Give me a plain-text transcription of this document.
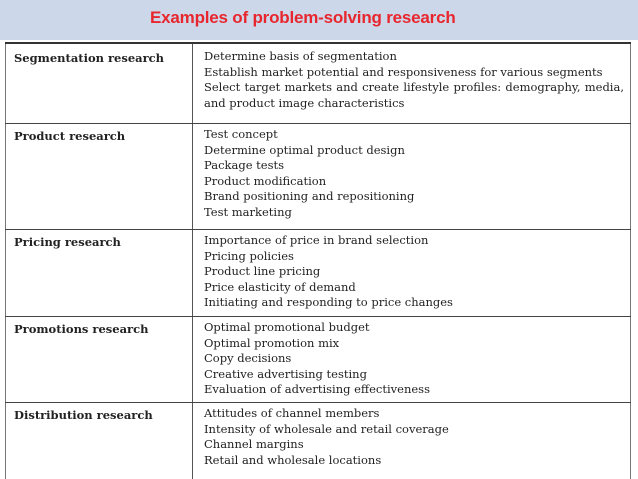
Examples of problem-solving research
Segmentation research	Determine basis of segmentation
Establish market potential and responsiveness for various segments
Select target markets and create lifestyle profiles: demography, media, and product image characteristics
Product research	Test concept
Determine optimal product design
Package tests
Product modification
Brand positioning and repositioning
Test marketing
Pricing research	Importance of price in brand selection
Pricing policies
Product line pricing
Price elasticity of demand
Initiating and responding to price changes
Promotions research	Optimal promotional budget
Optimal promotion mix
Copy decisions
Creative advertising testing
Evaluation of advertising effectiveness
Distribution research	Attitudes of channel members
Intensity of wholesale and retail coverage
Channel margins
Retail and wholesale locations
